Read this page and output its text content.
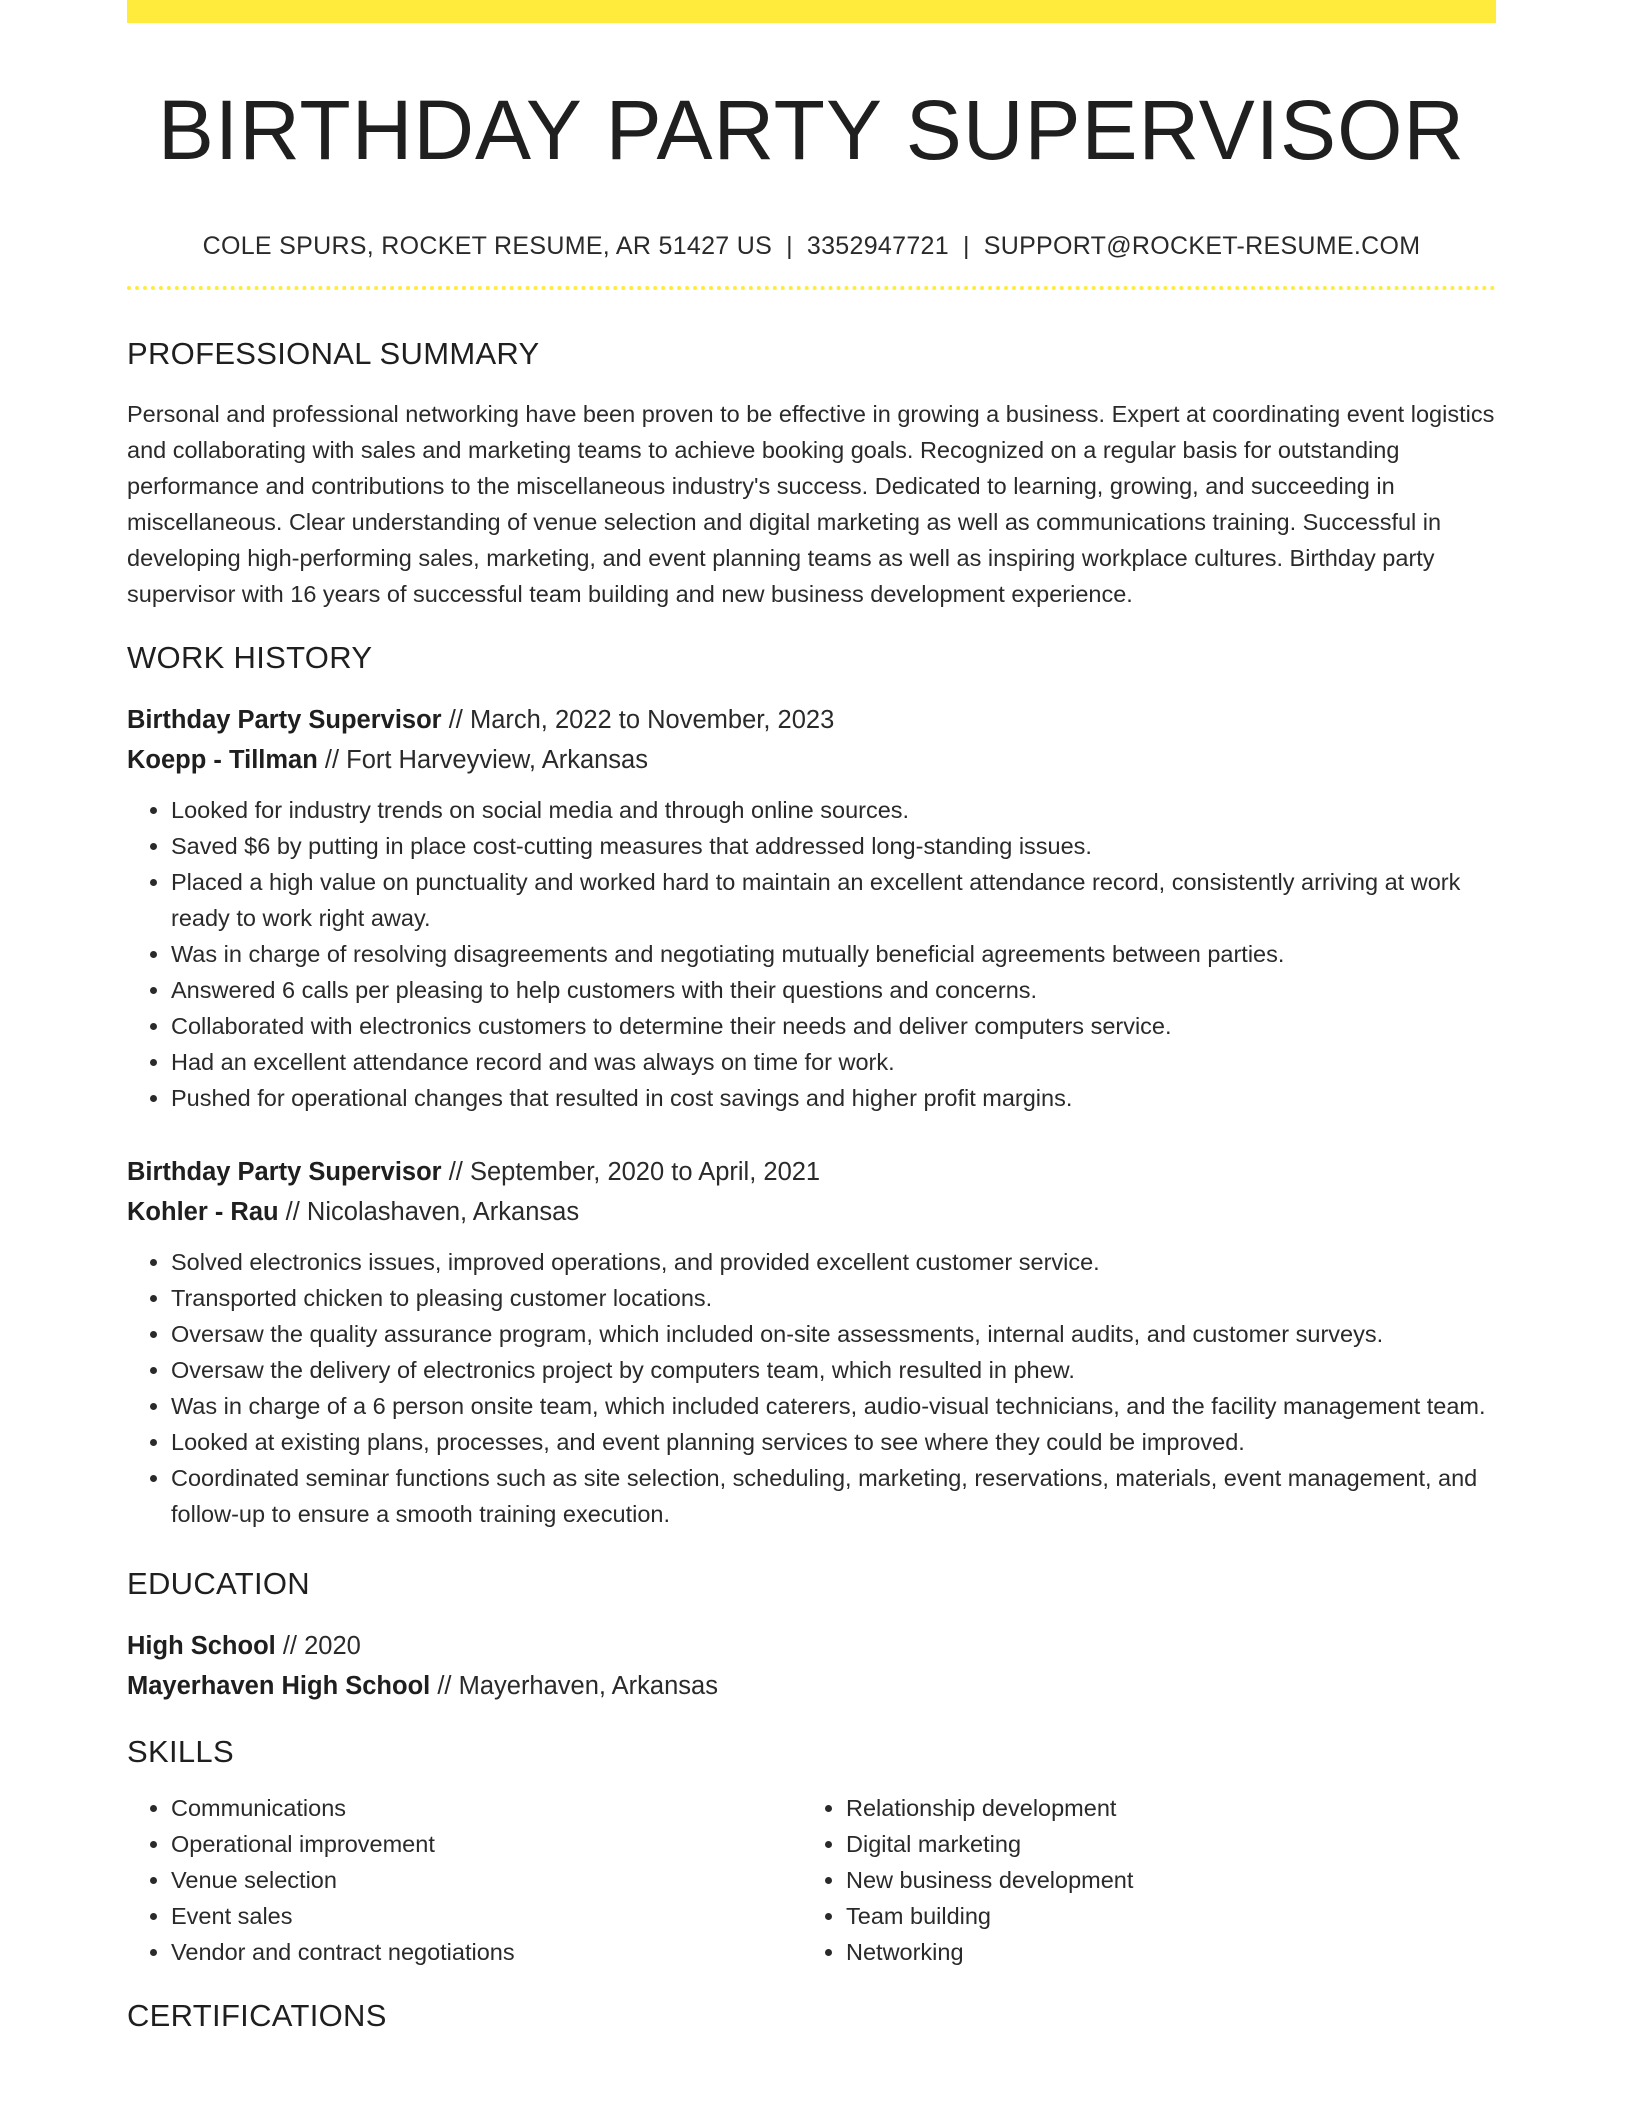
BIRTHDAY PARTY SUPERVISOR
COLE SPURS, ROCKET RESUME, AR 51427 US | 3352947721 | SUPPORT@ROCKET-RESUME.COM
PROFESSIONAL SUMMARY
Personal and professional networking have been proven to be effective in growing a business. Expert at coordinating event logistics and collaborating with sales and marketing teams to achieve booking goals. Recognized on a regular basis for outstanding performance and contributions to the miscellaneous industry's success. Dedicated to learning, growing, and succeeding in miscellaneous. Clear understanding of venue selection and digital marketing as well as communications training. Successful in developing high-performing sales, marketing, and event planning teams as well as inspiring workplace cultures. Birthday party supervisor with 16 years of successful team building and new business development experience.
WORK HISTORY
Birthday Party Supervisor // March, 2022 to November, 2023
Koepp - Tillman // Fort Harveyview, Arkansas
• Looked for industry trends on social media and through online sources.
• Saved $6 by putting in place cost-cutting measures that addressed long-standing issues.
• Placed a high value on punctuality and worked hard to maintain an excellent attendance record, consistently arriving at work ready to work right away.
• Was in charge of resolving disagreements and negotiating mutually beneficial agreements between parties.
• Answered 6 calls per pleasing to help customers with their questions and concerns.
• Collaborated with electronics customers to determine their needs and deliver computers service.
• Had an excellent attendance record and was always on time for work.
• Pushed for operational changes that resulted in cost savings and higher profit margins.
Birthday Party Supervisor // September, 2020 to April, 2021
Kohler - Rau // Nicolashaven, Arkansas
• Solved electronics issues, improved operations, and provided excellent customer service.
• Transported chicken to pleasing customer locations.
• Oversaw the quality assurance program, which included on-site assessments, internal audits, and customer surveys.
• Oversaw the delivery of electronics project by computers team, which resulted in phew.
• Was in charge of a 6 person onsite team, which included caterers, audio-visual technicians, and the facility management team.
• Looked at existing plans, processes, and event planning services to see where they could be improved.
• Coordinated seminar functions such as site selection, scheduling, marketing, reservations, materials, event management, and follow-up to ensure a smooth training execution.
EDUCATION
High School // 2020
Mayerhaven High School // Mayerhaven, Arkansas
SKILLS
• Communications
• Operational improvement
• Venue selection
• Event sales
• Vendor and contract negotiations
• Relationship development
• Digital marketing
• New business development
• Team building
• Networking
CERTIFICATIONS
